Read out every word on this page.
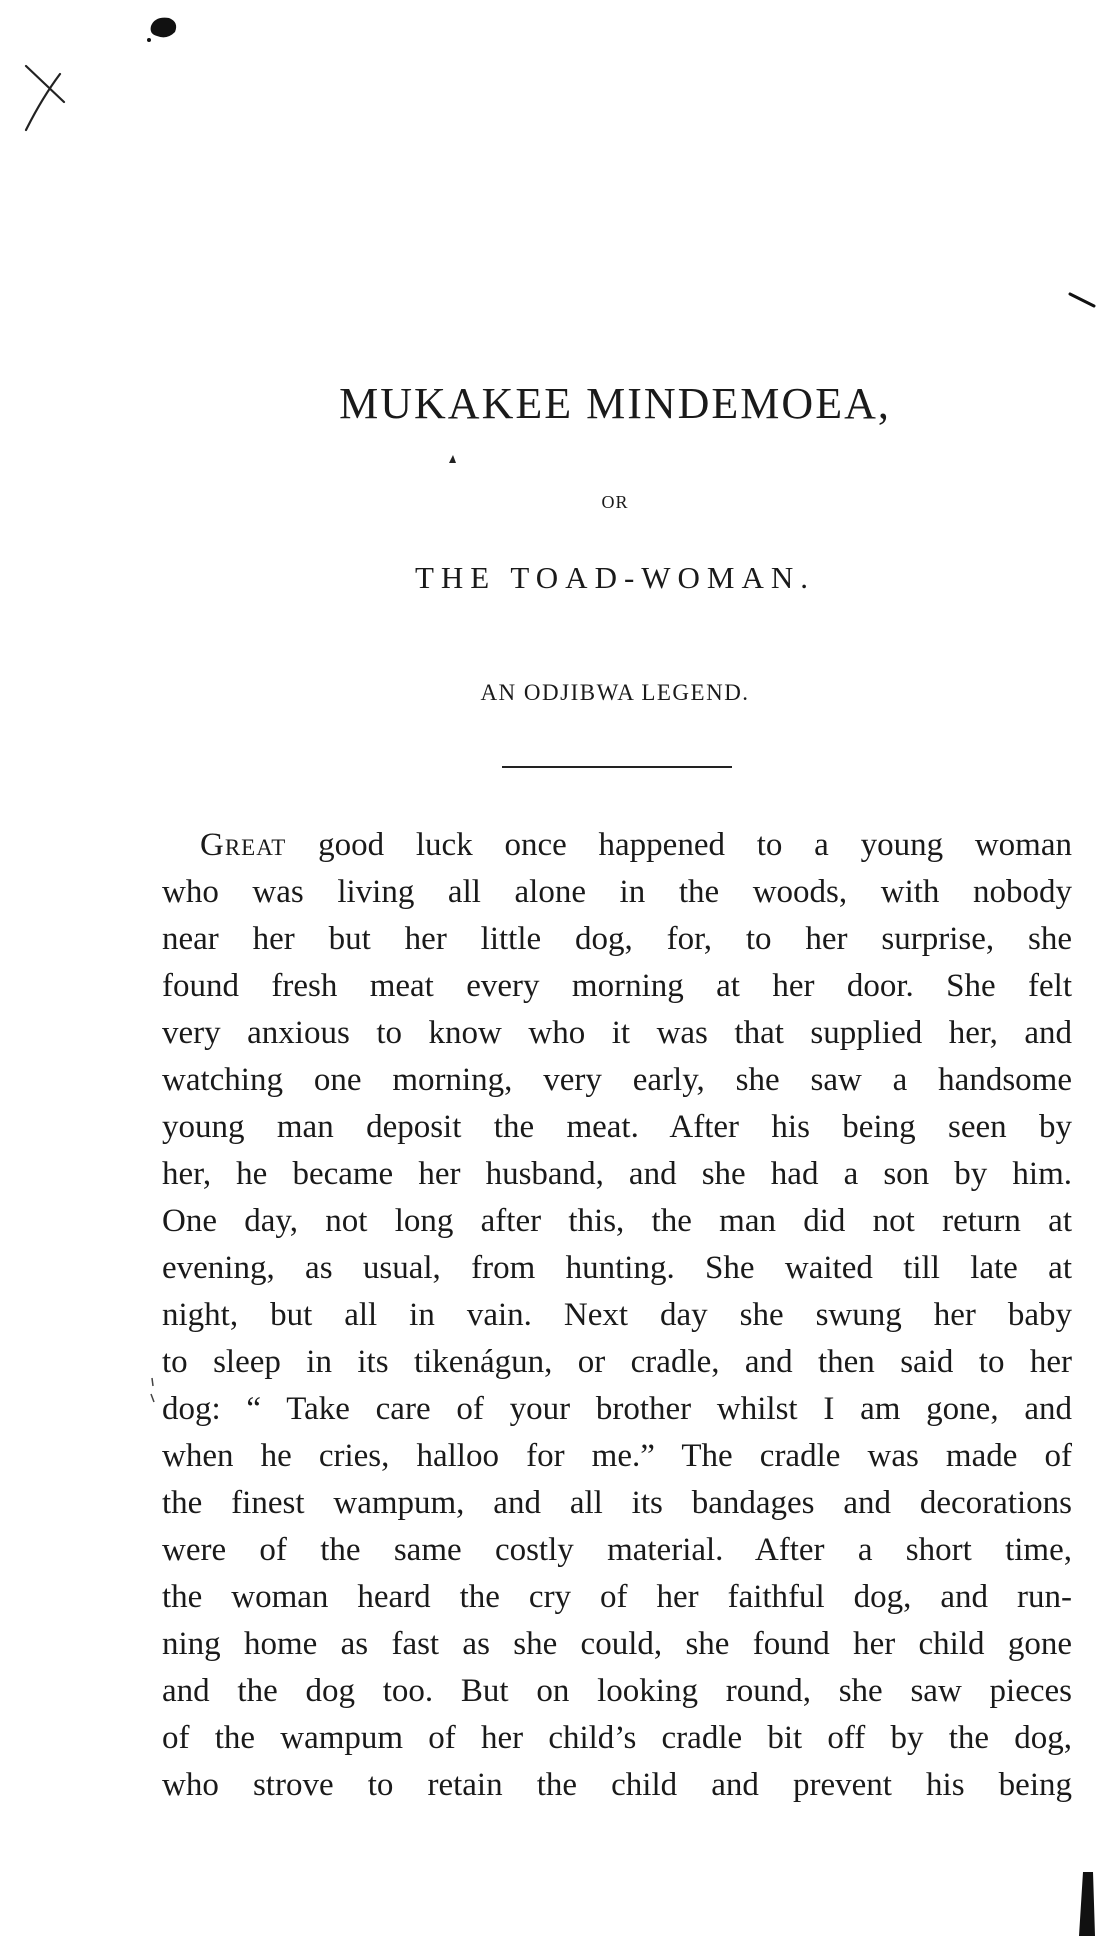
MUKAKEE MINDEMOEA,
OR
THE TOAD-WOMAN.
AN ODJIBWA LEGEND.
Great good luck once happened to a young woman
who was living all alone in the woods, with nobody
near her but her little dog, for, to her surprise, she
found fresh meat every morning at her door. She felt
very anxious to know who it was that supplied her, and
watching one morning, very early, she saw a handsome
young man deposit the meat. After his being seen by
her, he became her husband, and she had a son by him.
One day, not long after this, the man did not return at
evening, as usual, from hunting. She waited till late at
night, but all in vain. Next day she swung her baby
to sleep in its tikenágun, or cradle, and then said to her
dog: “ Take care of your brother whilst I am gone, and
when he cries, halloo for me.” The cradle was made of
the finest wampum, and all its bandages and decorations
were of the same costly material. After a short time,
the woman heard the cry of her faithful dog, and run-
ning home as fast as she could, she found her child gone
and the dog too. But on looking round, she saw pieces
of the wampum of her child’s cradle bit off by the dog,
who strove to retain the child and prevent his being
